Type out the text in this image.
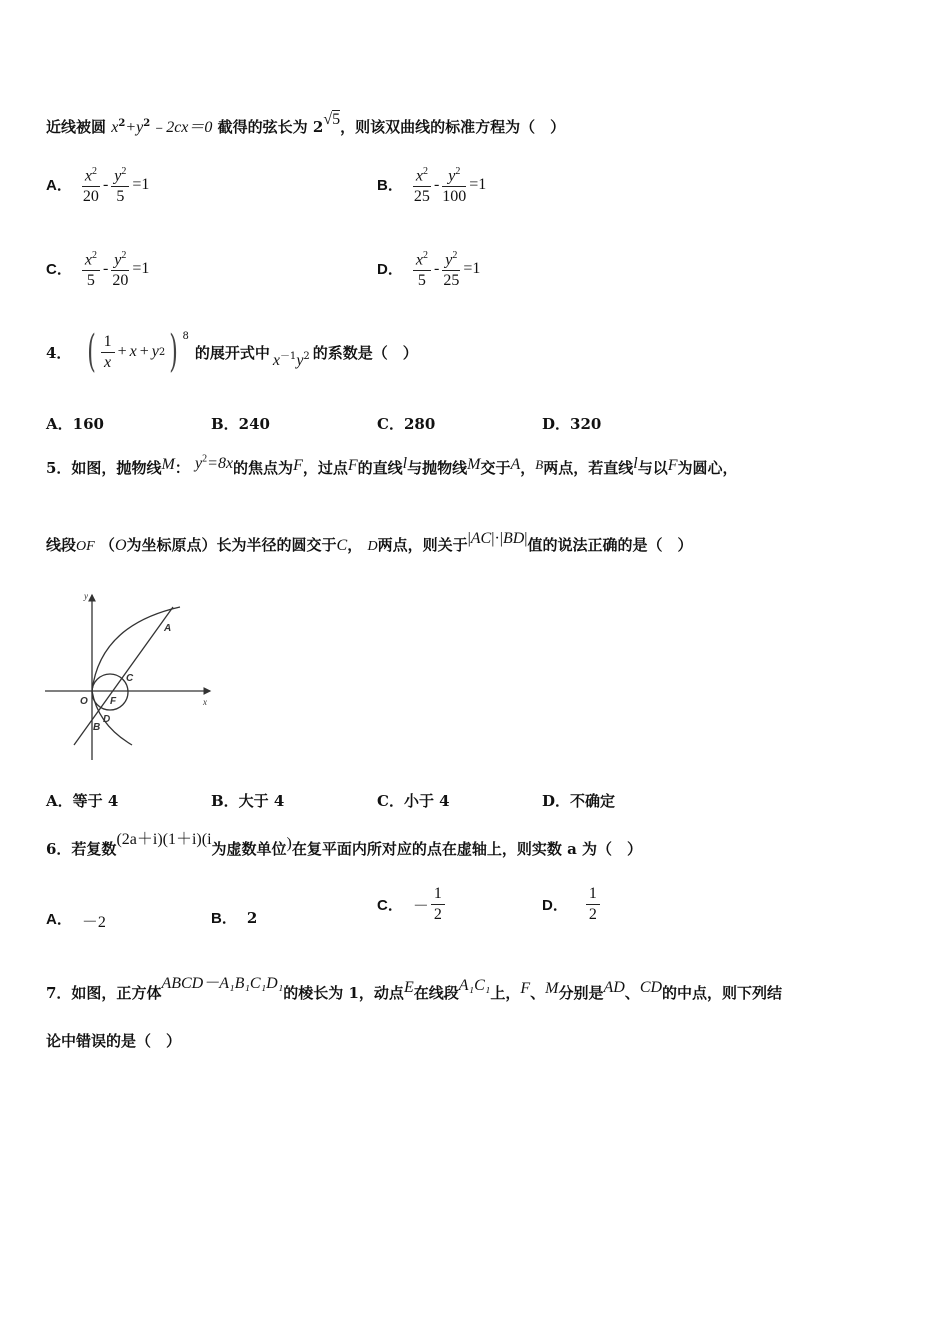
近线被圆 $x^2+y^2﹣2cx=0$ 截得的弦长为 2√5，则该双曲线的标准方程为（　）
A． $\frac{x^2}{20} - \frac{y^2}{5} =1$	B． $\frac{x^2}{25} - \frac{y^2}{100} =1$
C． $\frac{x^2}{5} - \frac{y^2}{20} =1$	D． $\frac{x^2}{5} - \frac{y^2}{25} =1$
4． ( $\frac{1}{x} + x + y$ 2 ) $^8$
的展开式中 $x^{-1}y^2$ 的系数是（　）
A．160	B．240	C．280	D．320
5．如图，抛物线M： $y^2=8x$的焦点为F，过点F的直线l与抛物线M交于A，B两点，若直线l与以F为圆心，
线段OF （O为坐标原点）长为半径的圆交于C， D两点，则关于|AC|·|BD|值的说法正确的是（　）
y
x
O F
A
B
C
D
A．等于 4	B．大于 4	C．小于 4	D．不确定
6．若复数(2a＋i)(1＋i)(i为虚数单位)在复平面内所对应的点在虚轴上，则实数 a 为（　）
A． －2	B． 2
C． － $\frac{1}{2}$	D． $\frac{1}{2}$
7．如图，正方体ABCD－A₁B₁C₁D₁的棱长为 1，动点E在线段A₁C₁上，F、M分别是AD、CD的中点，则下列结
论中错误的是（　）
